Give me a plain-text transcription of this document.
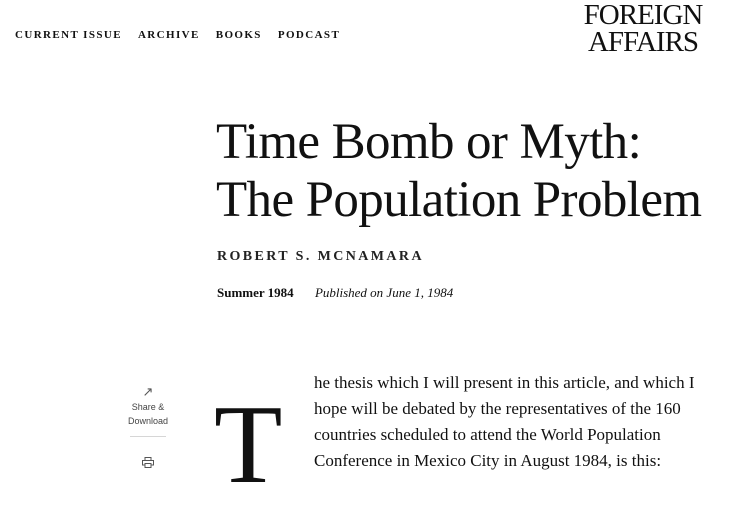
CURRENT ISSUE ARCHIVE BOOKS PODCAST
FOREIGN
AFFAIRS
Time Bomb or Myth:
The Population Problem
ROBERT S. MCNAMARA
Summer 1984 Published on June 1, 1984
↗
Share &
Download T

he thesis which I will present in this article, and which I
hope will be debated by the representatives of the 160
countries scheduled to attend the World Population
Conference in Mexico City in August 1984, is this:
